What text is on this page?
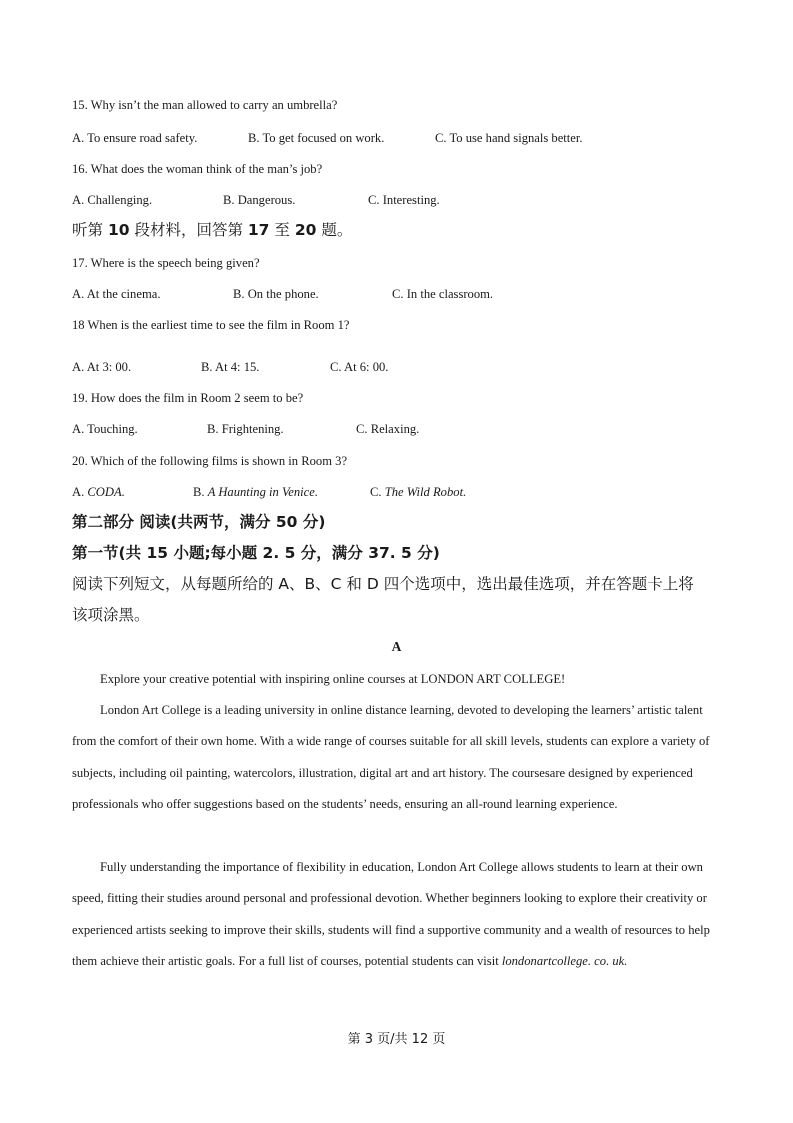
15. Why isn’t the man allowed to carry an umbrella?
A. To ensure road safety.	B. To get focused on work.	C. To use hand signals better.
16. What does the woman think of the man’s job?
A. Challenging.	B. Dangerous.	C. Interesting.
听第 10 段材料，回答第 17 至 20 题。
17. Where is the speech being given?
A. At the cinema.	B. On the phone.	C. In the classroom.
18 When is the earliest time to see the film in Room 1?
A. At 3: 00.	B. At 4: 15.	C. At 6: 00.
19. How does the film in Room 2 seem to be?
A. Touching.	B. Frightening.	C. Relaxing.
20. Which of the following films is shown in Room 3?
A. CODA.	B. A Haunting in Venice.	C. The Wild Robot.
第二部分 阅读(共两节，满分 50 分)
第一节(共 15 小题;每小题 2. 5 分，满分 37. 5 分)
阅读下列短文，从每题所给的 A、B、C 和 D 四个选项中，选出最佳选项，并在答题卡上将
该项涂黑。
A
Explore your creative potential with inspiring online courses at LONDON ART COLLEGE!

London Art College is a leading university in online distance learning, devoted to developing the learners’ artistic talent from the comfort of their own home. With a wide range of courses suitable for all skill levels, students can explore a variety of subjects, including oil painting, watercolors, illustration, digital art and art history. The coursesare designed by experienced professionals who offer suggestions based on the students’ needs, ensuring an all-round learning experience.

Fully understanding the importance of flexibility in education, London Art College allows students to learn at their own speed, fitting their studies around personal and professional devotion. Whether beginners looking to explore their creativity or experienced artists seeking to improve their skills, students will find a supportive community and a wealth of resources to help them achieve their artistic goals. For a full list of courses, potential students can visit londonartcollege. co. uk.

第 3 页/共 12 页
